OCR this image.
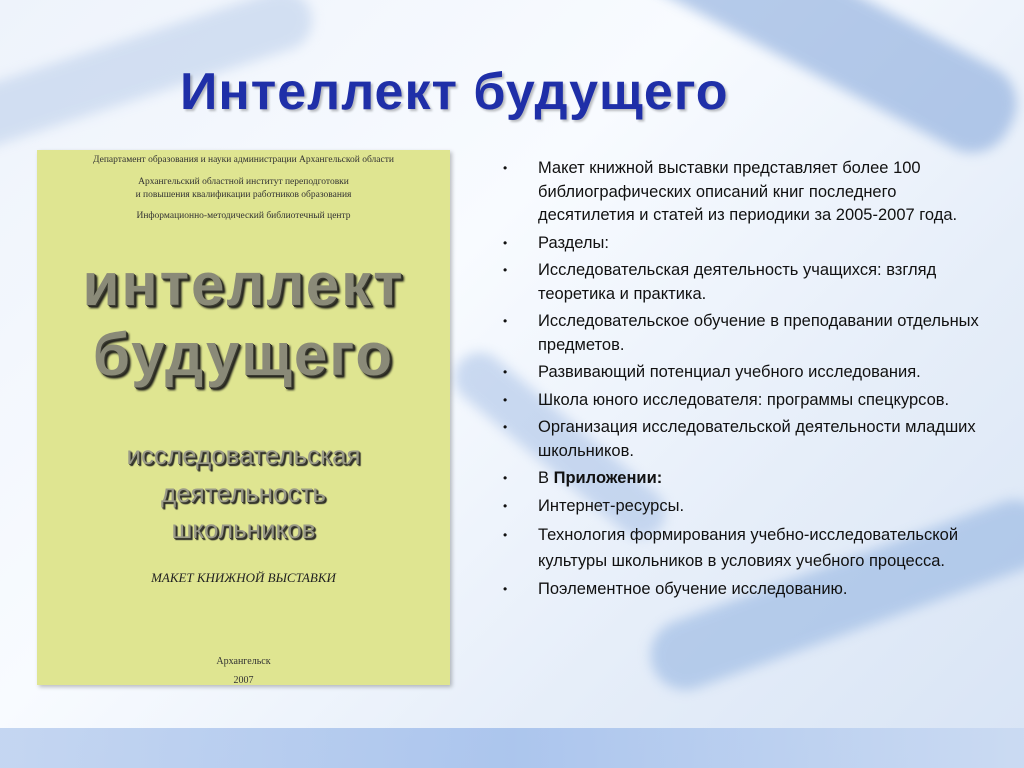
Интеллект будущего
Департамент образования и науки администрации Архангельской области
Архангельский областной институт переподготовки
и повышения квалификации работников образования
Информационно-методический библиотечный центр
интеллект
будущего
исследовательская
деятельность
школьников
МАКЕТ КНИЖНОЙ ВЫСТАВКИ
Архангельск
2007
• Макет книжной выставки представляет более 100 библиографических описаний книг последнего десятилетия и статей из периодики за 2005-2007 года.
• Разделы:
• Исследовательская деятельность учащихся: взгляд теоретика и практика.
• Исследовательское обучение в преподавании отдельных предметов.
• Развивающий потенциал учебного исследования.
• Школа юного исследователя: программы спецкурсов.
• Организация исследовательской деятельности младших школьников.
• В Приложении:
• Интернет-ресурсы.
• Технология формирования учебно-исследовательской культуры школьников в условиях учебного процесса.
• Поэлементное обучение исследованию.
